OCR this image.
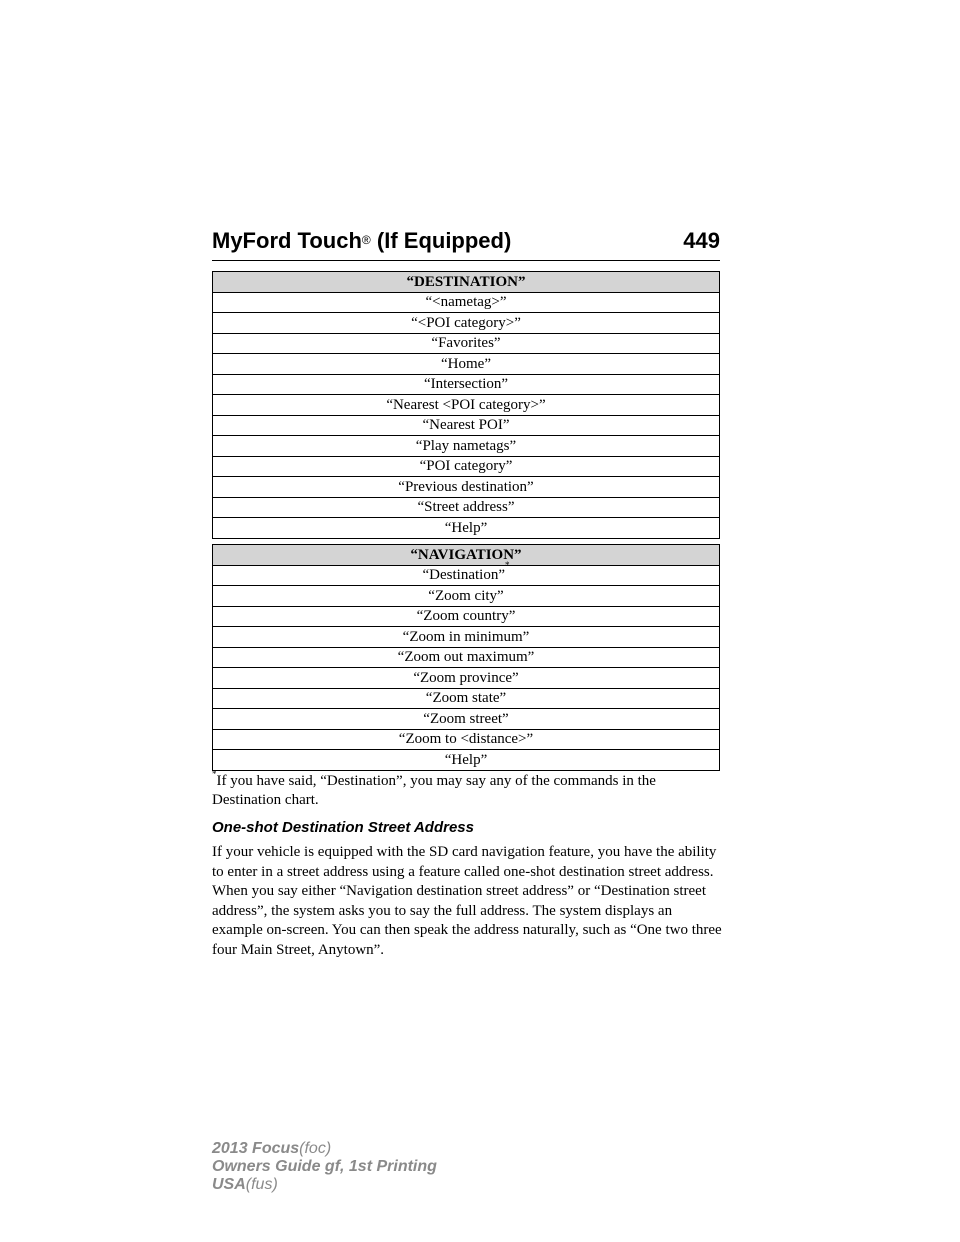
MyFord Touch® (If Equipped)	449
“DESTINATION”
“<nametag>”
“<POI category>”
“Favorites”
“Home”
“Intersection”
“Nearest <POI category>”
“Nearest POI”
“Play nametags”
“POI category”
“Previous destination”
“Street address”
“Help”
“NAVIGATION”
“Destination”*
“Zoom city”
“Zoom country”
“Zoom in minimum”
“Zoom out maximum”
“Zoom province”
“Zoom state”
“Zoom street”
“Zoom to <distance>”
“Help”
*If you have said, “Destination”, you may say any of the commands in the Destination chart.
One-shot Destination Street Address
If your vehicle is equipped with the SD card navigation feature, you have the ability to enter in a street address using a feature called one-shot destination street address. When you say either “Navigation destination street address” or “Destination street address”, the system asks you to say the full address. The system displays an example on-screen. You can then speak the address naturally, such as “One two three four Main Street, Anytown”.
2013 Focus(foc)
Owners Guide gf, 1st Printing
USA(fus)
